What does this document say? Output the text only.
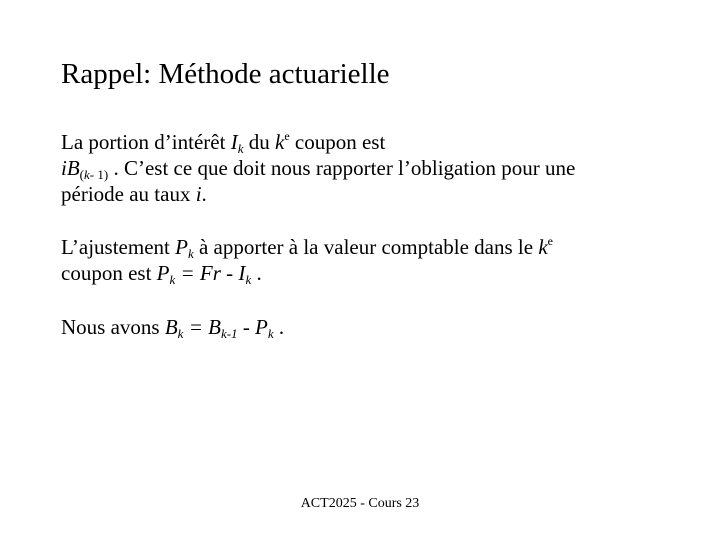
Rappel: Méthode actuarielle
La portion d’intérêt $I_k$ du $k^e$ coupon est
$iB_{(k- 1)}$ . C’est ce que doit nous rapporter l’obligation pour une
période au taux i.
L’ajustement $P_k$ à apporter à la valeur comptable dans le $k^e$
coupon est $P_k = Fr - I_k$ .
Nous avons $B_k = B_{k-1} - P_k$ .
ACT2025 - Cours 23
